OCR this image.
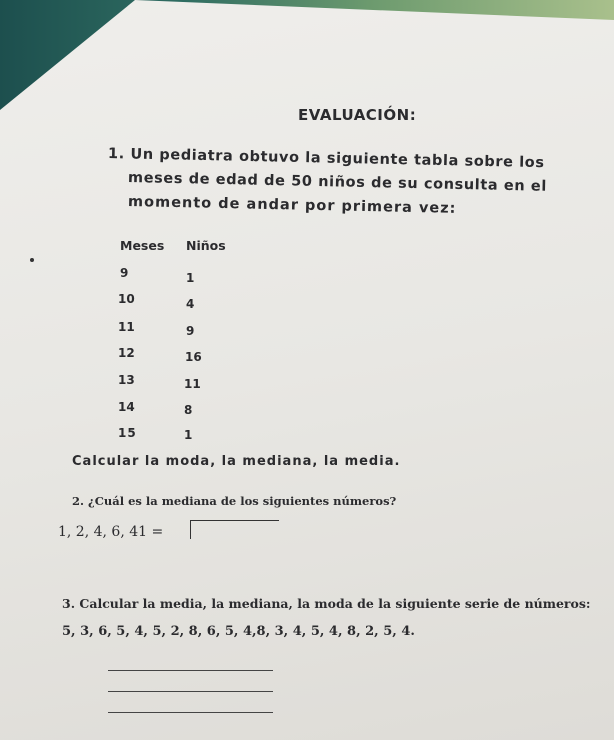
EVALUACIÓN:
1. Un pediatra obtuvo la siguiente tabla sobre los
meses de edad de 50 niños de su consulta en el
momento de andar por primera vez:
Meses Niños
9	1
10	4
11	9
12	16
13	11
14	8
15	1
Calcular la moda, la mediana, la media.
2. ¿Cuál es la mediana de los siguientes números?
1, 2, 4, 6, 41 =
3. Calcular la media, la mediana, la moda de la siguiente serie de números:
5, 3, 6, 5, 4, 5, 2, 8, 6, 5, 4,8, 3, 4, 5, 4, 8, 2, 5, 4.
